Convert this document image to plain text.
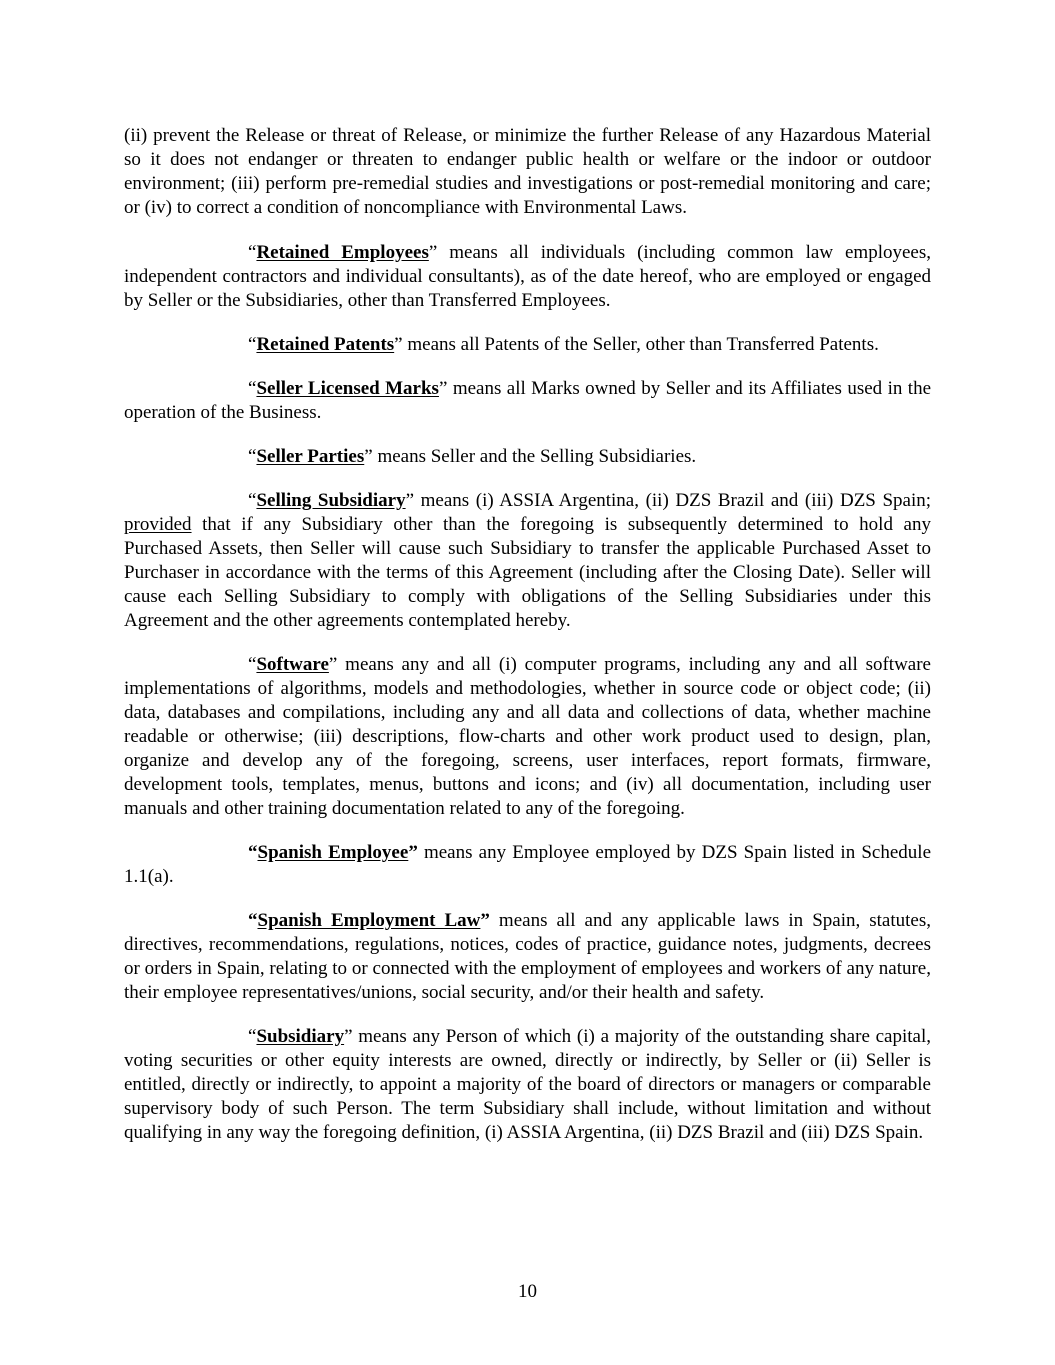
(ii) prevent the Release or threat of Release, or minimize the further Release of any Hazardous Material so it does not endanger or threaten to endanger public health or welfare or the indoor or outdoor environment; (iii) perform pre-remedial studies and investigations or post-remedial monitoring and care; or (iv) to correct a condition of noncompliance with Environmental Laws.

“Retained Employees” means all individuals (including common law employees, independent contractors and individual consultants), as of the date hereof, who are employed or engaged by Seller or the Subsidiaries, other than Transferred Employees.

“Retained Patents” means all Patents of the Seller, other than Transferred Patents.

“Seller Licensed Marks” means all Marks owned by Seller and its Affiliates used in the operation of the Business.

“Seller Parties” means Seller and the Selling Subsidiaries.

“Selling Subsidiary” means (i) ASSIA Argentina, (ii) DZS Brazil and (iii) DZS Spain; provided that if any Subsidiary other than the foregoing is subsequently determined to hold any Purchased Assets, then Seller will cause such Subsidiary to transfer the applicable Purchased Asset to Purchaser in accordance with the terms of this Agreement (including after the Closing Date). Seller will cause each Selling Subsidiary to comply with obligations of the Selling Subsidiaries under this Agreement and the other agreements contemplated hereby.

“Software” means any and all (i) computer programs, including any and all software implementations of algorithms, models and methodologies, whether in source code or object code; (ii) data, databases and compilations, including any and all data and collections of data, whether machine readable or otherwise; (iii) descriptions, flow-charts and other work product used to design, plan, organize and develop any of the foregoing, screens, user interfaces, report formats, firmware, development tools, templates, menus, buttons and icons; and (iv) all documentation, including user manuals and other training documentation related to any of the foregoing.

“Spanish Employee” means any Employee employed by DZS Spain listed in Schedule 1.1(a).

“Spanish Employment Law” means all and any applicable laws in Spain, statutes, directives, recommendations, regulations, notices, codes of practice, guidance notes, judgments, decrees or orders in Spain, relating to or connected with the employment of employees and workers of any nature, their employee representatives/unions, social security, and/or their health and safety.

“Subsidiary” means any Person of which (i) a majority of the outstanding share capital, voting securities or other equity interests are owned, directly or indirectly, by Seller or (ii) Seller is entitled, directly or indirectly, to appoint a majority of the board of directors or managers or comparable supervisory body of such Person. The term Subsidiary shall include, without limitation and without qualifying in any way the foregoing definition, (i) ASSIA Argentina, (ii) DZS Brazil and (iii) DZS Spain.

10
